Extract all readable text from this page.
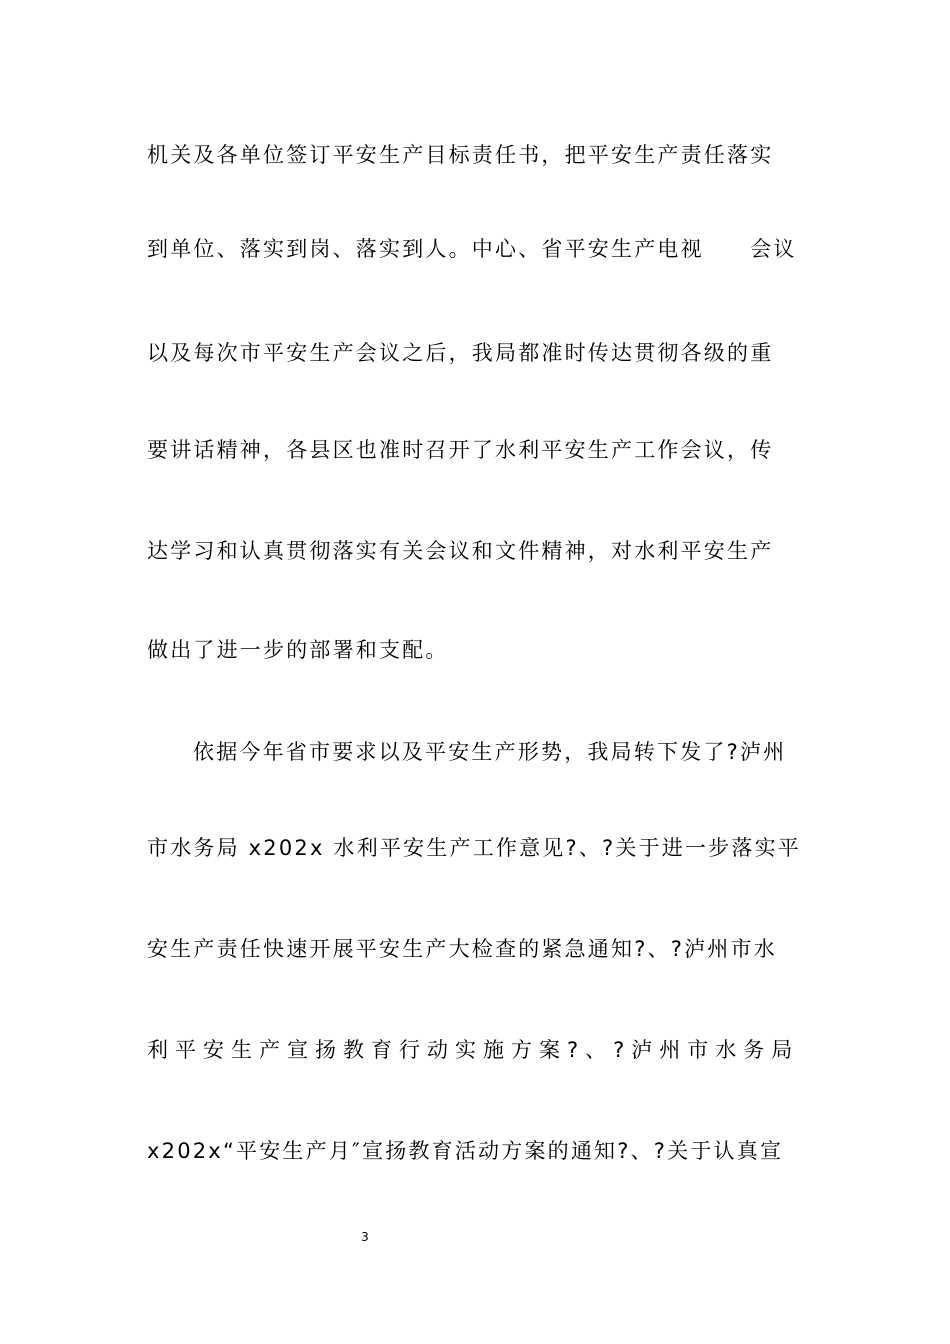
机关及各单位签订平安生产目标责任书，把平安生产责任落实
到单位、落实到岗、落实到人。中心、省平安生产电视　　会议
以及每次市平安生产会议之后，我局都准时传达贯彻各级的重
要讲话精神，各县区也准时召开了水利平安生产工作会议，传
达学习和认真贯彻落实有关会议和文件精神，对水利平安生产
做出了进一步的部署和支配。
依据今年省市要求以及平安生产形势，我局转下发了?泸州
市水务局 x202x 水利平安生产工作意见?、?关于进一步落实平
安生产责任快速开展平安生产大检查的紧急通知?、?泸州市水
利平安生产宣扬教育行动实施方案?、?泸州市水务局
x202x“平安生产月″宣扬教育活动方案的通知?、?关于认真宣
3
